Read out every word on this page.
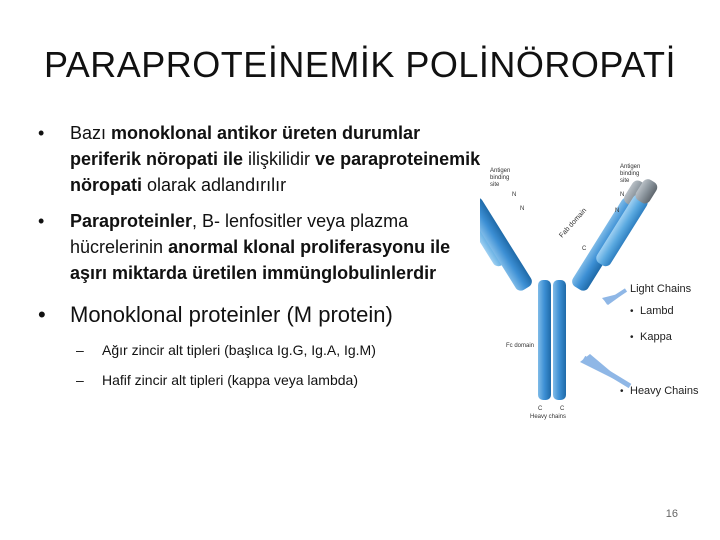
PARAPROTEİNEMİK POLİNÖROPATİ
• Bazı monoklonal antikor üreten durumlar periferik nöropati ile ilişkilidir ve paraproteinemik nöropati olarak adlandırılır
• Paraproteinler, B- lenfositler veya plazma hücrelerinin anormal klonal proliferasyonu ile aşırı miktarda üretilen immünglobulinlerdir
• Monoklonal proteinler (M protein)
– Ağır zincir alt tipleri (başlıca Ig.G, Ig.A, Ig.M)
– Hafif zincir alt tipleri (kappa veya lambda)
Antigen binding site
Antigen binding site
Fab domain
Fc domain
Heavy chains
N	N
N	N
C	C
C
Light Chains
• Lambd
• Kappa
• Heavy Chains
16
